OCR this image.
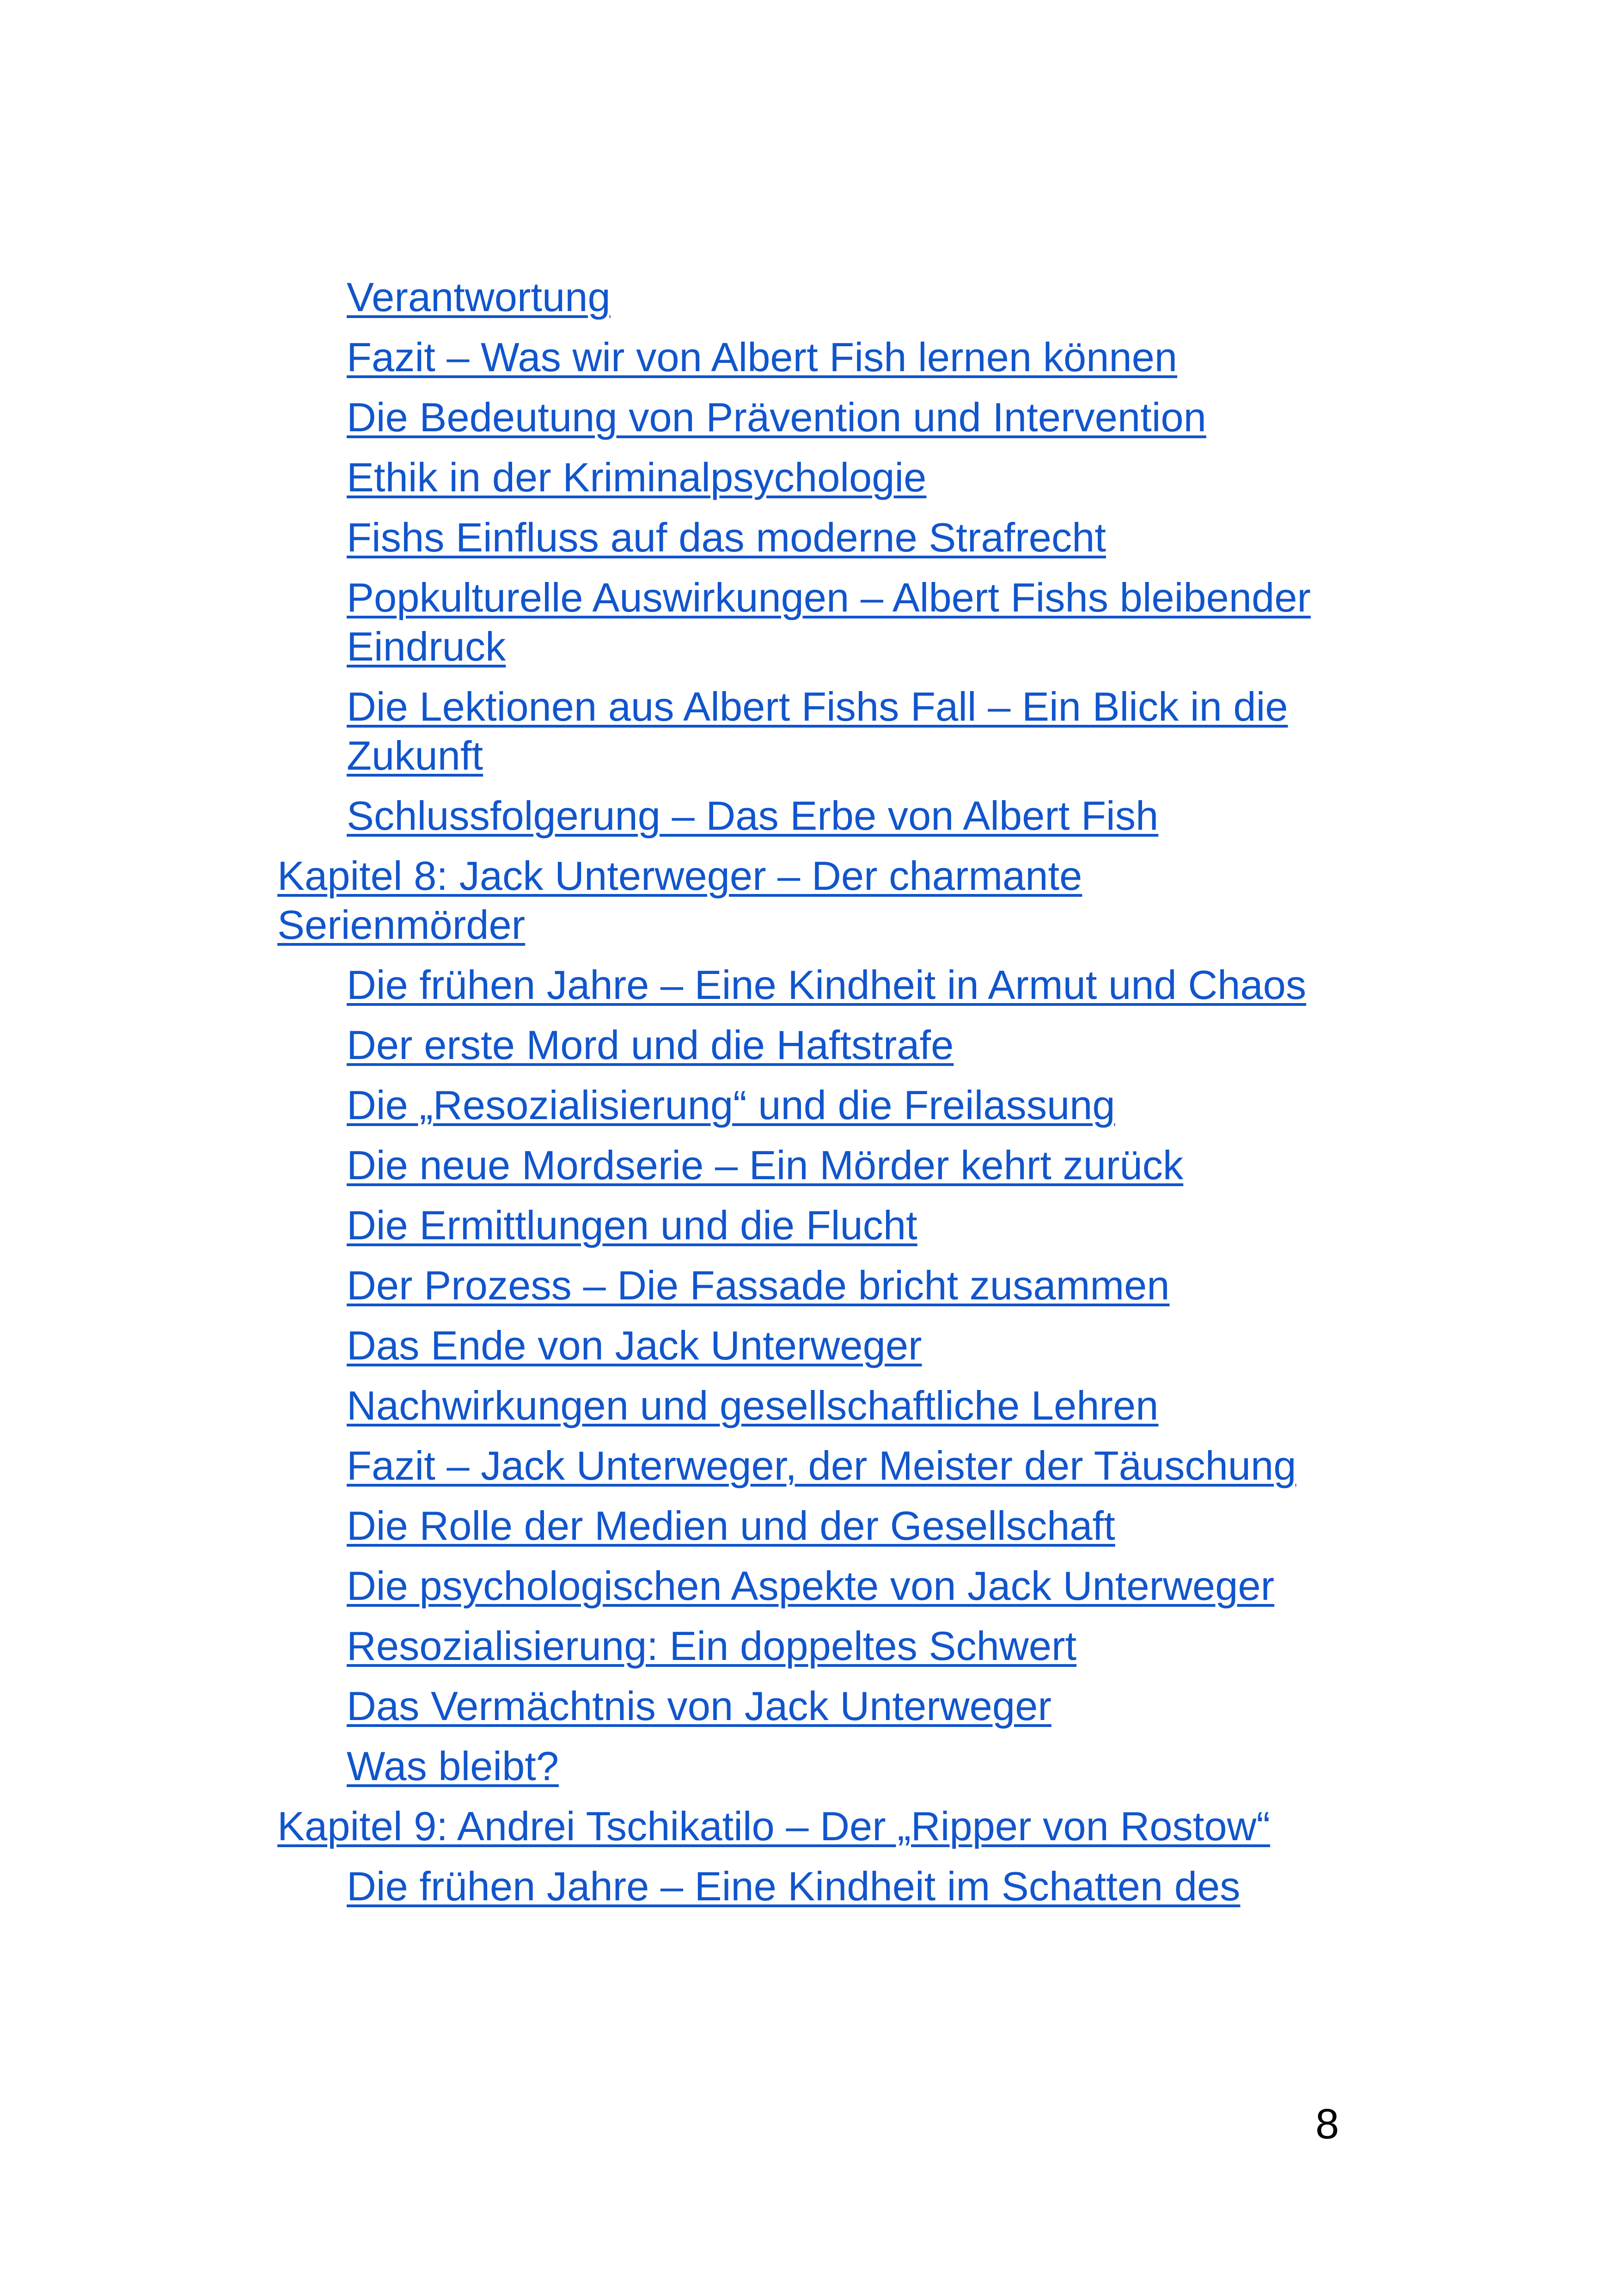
Verantwortung
Fazit – Was wir von Albert Fish lernen können
Die Bedeutung von Prävention und Intervention
Ethik in der Kriminalpsychologie
Fishs Einfluss auf das moderne Strafrecht
Popkulturelle Auswirkungen – Albert Fishs bleibender Eindruck
Die Lektionen aus Albert Fishs Fall – Ein Blick in die Zukunft
Schlussfolgerung – Das Erbe von Albert Fish
Kapitel 8: Jack Unterweger – Der charmante Serienmörder
Die frühen Jahre – Eine Kindheit in Armut und Chaos
Der erste Mord und die Haftstrafe
Die „Resozialisierung“ und die Freilassung
Die neue Mordserie – Ein Mörder kehrt zurück
Die Ermittlungen und die Flucht
Der Prozess – Die Fassade bricht zusammen
Das Ende von Jack Unterweger
Nachwirkungen und gesellschaftliche Lehren
Fazit – Jack Unterweger, der Meister der Täuschung
Die Rolle der Medien und der Gesellschaft
Die psychologischen Aspekte von Jack Unterweger
Resozialisierung: Ein doppeltes Schwert
Das Vermächtnis von Jack Unterweger
Was bleibt?
Kapitel 9: Andrei Tschikatilo – Der „Ripper von Rostow“
Die frühen Jahre – Eine Kindheit im Schatten des
8
